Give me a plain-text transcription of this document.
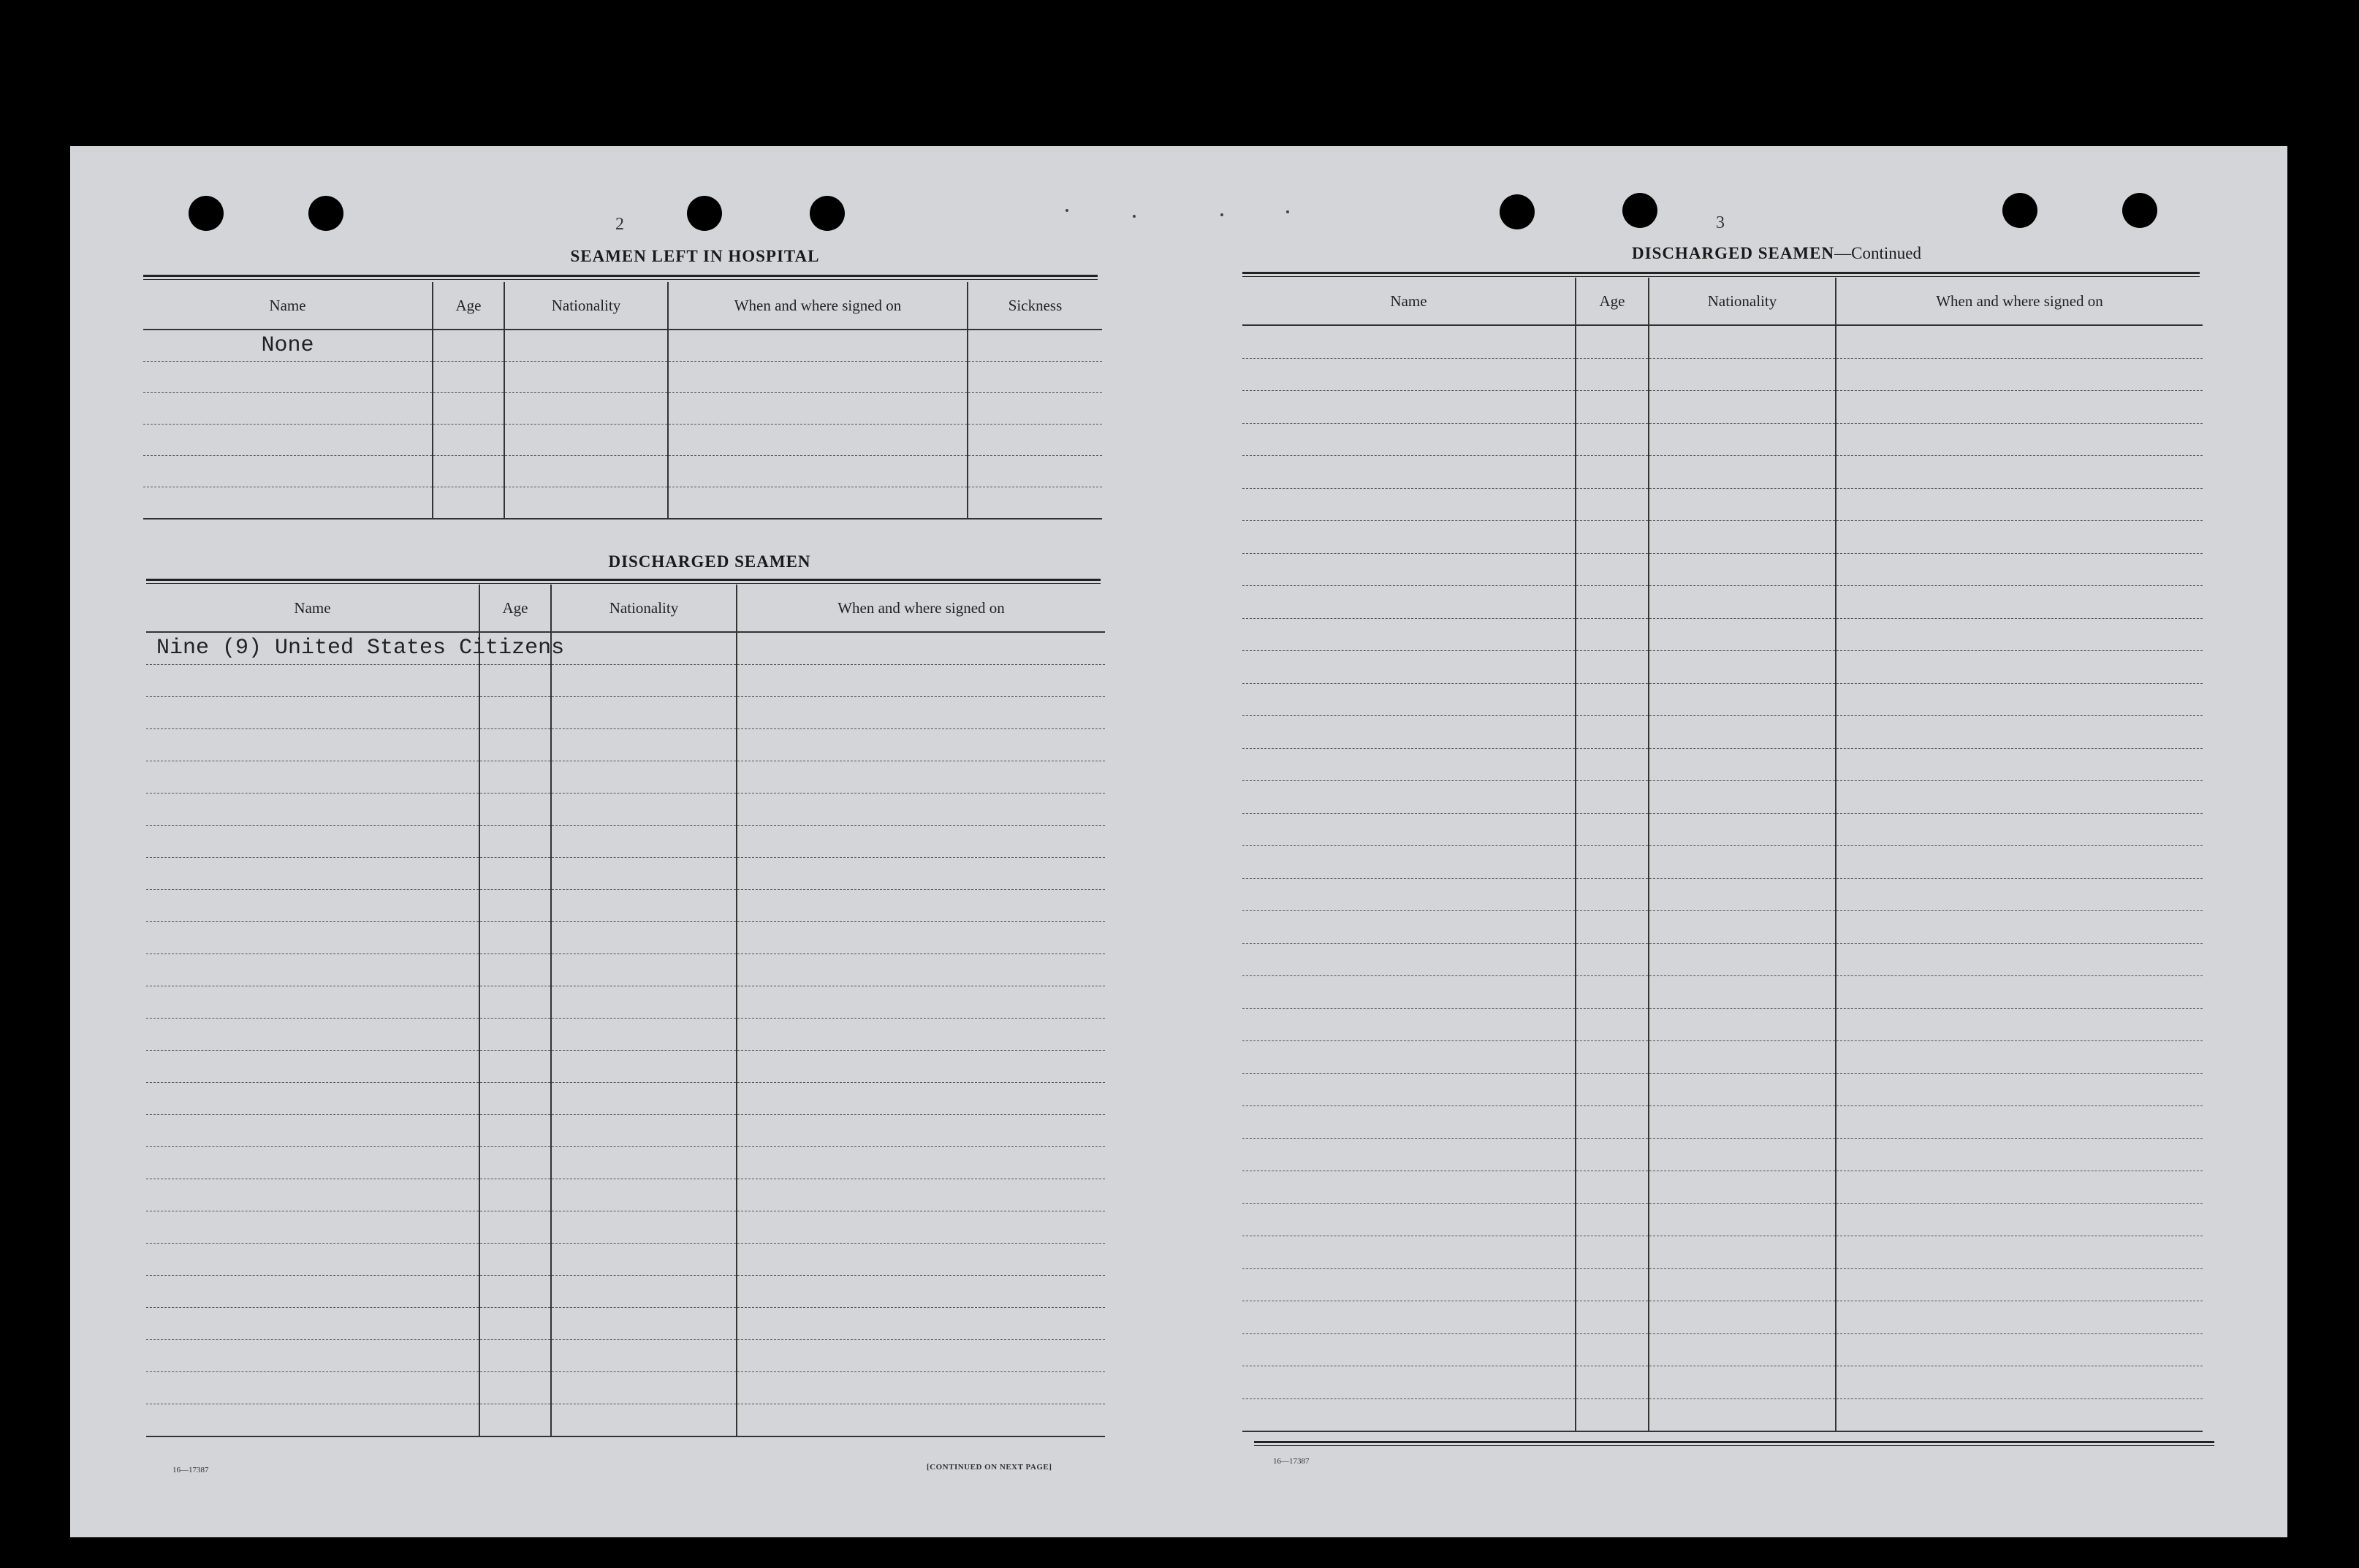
2
SEAMEN LEFT IN HOSPITAL
Name	Age	Nationality	When and where signed on	Sickness
None				

DISCHARGED SEAMEN
Name	Age	Nationality	When and where signed on

Nine (9) United States Citizens
16—17387	[CONTINUED ON NEXT PAGE]
3
DISCHARGED SEAMEN—Continued
Name	Age	Nationality	When and where signed on

16—17387
